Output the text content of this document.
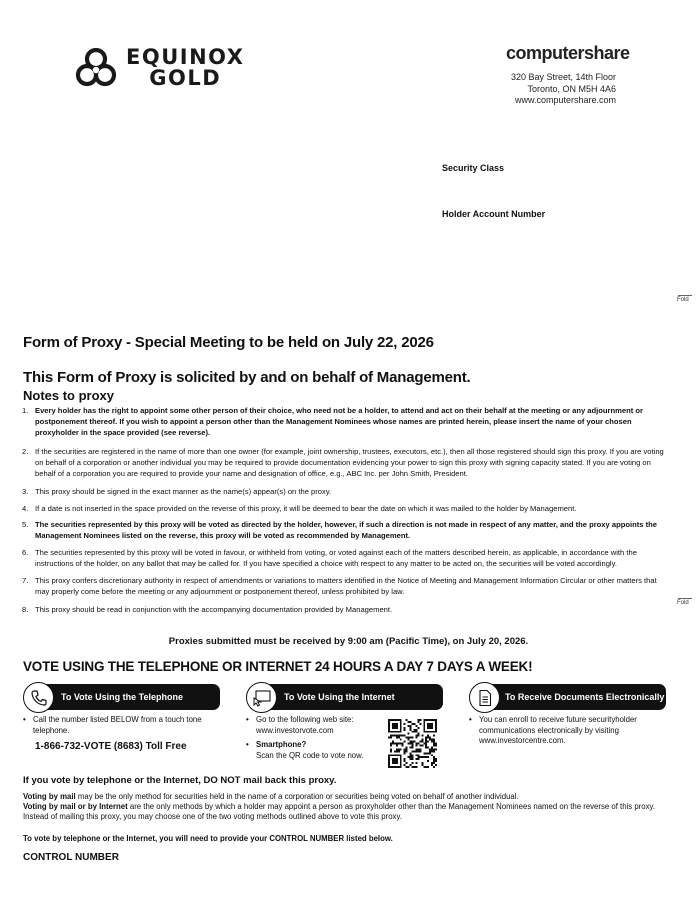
EQUINOX
GOLD
computershare
320 Bay Street, 14th Floor
Toronto, ON M5H 4A6
www.computershare.com
Security Class
Holder Account Number
Fold
Fold
Form of Proxy - Special Meeting to be held on July 22, 2026
This Form of Proxy is solicited by and on behalf of Management.
Notes to proxy
1. Every holder has the right to appoint some other person of their choice, who need not be a holder, to attend and act on their behalf at the meeting or any adjournment or postponement thereof. If you wish to appoint a person other than the Management Nominees whose names are printed herein, please insert the name of your chosen proxyholder in the space provided (see reverse).
2. If the securities are registered in the name of more than one owner (for example, joint ownership, trustees, executors, etc.), then all those registered should sign this proxy. If you are voting on behalf of a corporation or another individual you may be required to provide documentation evidencing your power to sign this proxy with signing capacity stated. If you are voting on behalf of a corporation you are required to provide your name and designation of office, e.g., ABC Inc. per John Smith, President.
3. This proxy should be signed in the exact manner as the name(s) appear(s) on the proxy.
4. If a date is not inserted in the space provided on the reverse of this proxy, it will be deemed to bear the date on which it was mailed to the holder by Management.
5. The securities represented by this proxy will be voted as directed by the holder, however, if such a direction is not made in respect of any matter, and the proxy appoints the Management Nominees listed on the reverse, this proxy will be voted as recommended by Management.
6. The securities represented by this proxy will be voted in favour, or withheld from voting, or voted against each of the matters described herein, as applicable, in accordance with the instructions of the holder, on any ballot that may be called for. If you have specified a choice with respect to any matter to be acted on, the securities will be voted accordingly.
7. This proxy confers discretionary authority in respect of amendments or variations to matters identified in the Notice of Meeting and Management Information Circular or other matters that may properly come before the meeting or any adjournment or postponement thereof, unless prohibited by law.
8. This proxy should be read in conjunction with the accompanying documentation provided by Management.
Proxies submitted must be received by 9:00 am (Pacific Time), on July 20, 2026.
VOTE USING THE TELEPHONE OR INTERNET 24 HOURS A DAY 7 DAYS A WEEK!
To Vote Using the Telephone	To Vote Using the Internet	To Receive Documents Electronically
• Call the number listed BELOW from a touch tone telephone.
1-866-732-VOTE (8683) Toll Free
• Go to the following web site:
www.investorvote.com
• Smartphone?
Scan the QR code to vote now.
• You can enroll to receive future securityholder communications electronically by visiting www.investorcentre.com.
If you vote by telephone or the Internet, DO NOT mail back this proxy.
Voting by mail may be the only method for securities held in the name of a corporation or securities being voted on behalf of another individual.
Voting by mail or by Internet are the only methods by which a holder may appoint a person as proxyholder other than the Management Nominees named on the reverse of this proxy. Instead of mailing this proxy, you may choose one of the two voting methods outlined above to vote this proxy.
To vote by telephone or the Internet, you will need to provide your CONTROL NUMBER listed below.
CONTROL NUMBER
